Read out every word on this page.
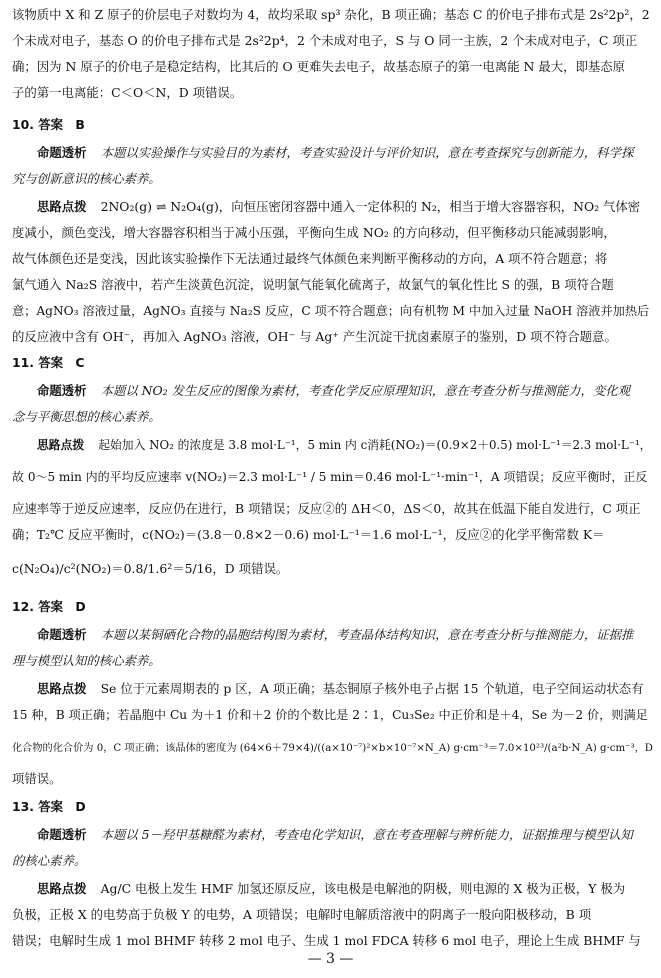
该物质中 X 和 Z 原子的价层电子对数均为 4，故均采取 sp³ 杂化，B 项正确；基态 C 的价电子排布式是 2s²2p²，2
个未成对电子，基态 O 的价电子排布式是 2s²2p⁴，2 个未成对电子，S 与 O 同一主族，2 个未成对电子，C 项正
确；因为 N 原子的价电子是稳定结构，比其后的 O 更难失去电子，故基态原子的第一电离能 N 最大，即基态原
子的第一电离能：C＜O＜N，D 项错误。
10. 答案　B
命题透析 本题以实验操作与实验目的为素材，考查实验设计与评价知识，意在考查探究与创新能力，科学探
究与创新意识的核心素养。
思路点拨 2NO₂(g) ⇌ N₂O₄(g)，向恒压密闭容器中通入一定体积的 N₂，相当于增大容器容积，NO₂ 气体密
度减小，颜色变浅，增大容器容积相当于减小压强，平衡向生成 NO₂ 的方向移动，但平衡移动只能减弱影响，
故气体颜色还是变浅，因此该实验操作下无法通过最终气体颜色来判断平衡移动的方向，A 项不符合题意；将
氯气通入 Na₂S 溶液中，若产生淡黄色沉淀，说明氯气能氧化硫离子，故氯气的氧化性比 S 的强，B 项符合题
意；AgNO₃ 溶液过量，AgNO₃ 直接与 Na₂S 反应，C 项不符合题意；向有机物 M 中加入过量 NaOH 溶液并加热后
的反应液中含有 OH⁻，再加入 AgNO₃ 溶液，OH⁻ 与 Ag⁺ 产生沉淀干扰卤素原子的鉴别，D 项不符合题意。
11. 答案　C
命题透析 本题以 NO₂ 发生反应的图像为素材，考查化学反应原理知识，意在考查分析与推测能力，变化观
念与平衡思想的核心素养。
思路点拨 起始加入 NO₂ 的浓度是 3.8 mol·L⁻¹，5 min 内 c消耗(NO₂)＝(0.9×2＋0.5) mol·L⁻¹＝2.3 mol·L⁻¹，
故 0～5 min 内的平均反应速率 v(NO₂)＝2.3 mol·L⁻¹ / 5 min＝0.46 mol·L⁻¹·min⁻¹，A 项错误；反应平衡时，正反
应速率等于逆反应速率，反应仍在进行，B 项错误；反应②的 ΔH＜0，ΔS＜0，故其在低温下能自发进行，C 项正
确；T₂℃ 反应平衡时，c(NO₂)＝(3.8－0.8×2－0.6) mol·L⁻¹＝1.6 mol·L⁻¹，反应②的化学平衡常数 K＝
c(N₂O₄)/c²(NO₂)＝0.8/1.6²＝5/16，D 项错误。
12. 答案　D
命题透析 本题以某铜硒化合物的晶胞结构图为素材，考查晶体结构知识，意在考查分析与推测能力，证据推
理与模型认知的核心素养。
思路点拨 Se 位于元素周期表的 p 区，A 项正确；基态铜原子核外电子占据 15 个轨道，电子空间运动状态有
15 种，B 项正确；若晶胞中 Cu 为＋1 价和＋2 价的个数比是 2∶1，Cu₃Se₂ 中正价和是＋4，Se 为－2 价，则满足
化合物的化合价为 0，C 项正确；该晶体的密度为 (64×6＋79×4)/((a×10⁻⁷)²×b×10⁻⁷×N_A) g·cm⁻³＝7.0×10²³/(a²b·N_A) g·cm⁻³，D
项错误。
13. 答案　D
命题透析 本题以 5－羟甲基糠醛为素材，考查电化学知识，意在考查理解与辨析能力，证据推理与模型认知
的核心素养。
思路点拨 Ag/C 电极上发生 HMF 加氢还原反应，该电极是电解池的阴极，则电源的 X 极为正极，Y 极为
负极，正极 X 的电势高于负极 Y 的电势，A 项错误；电解时电解质溶液中的阴离子一般向阳极移动，B 项
错误；电解时生成 1 mol BHMF 转移 2 mol 电子、生成 1 mol FDCA 转移 6 mol 电子，理论上生成 BHMF 与
— 3 —
